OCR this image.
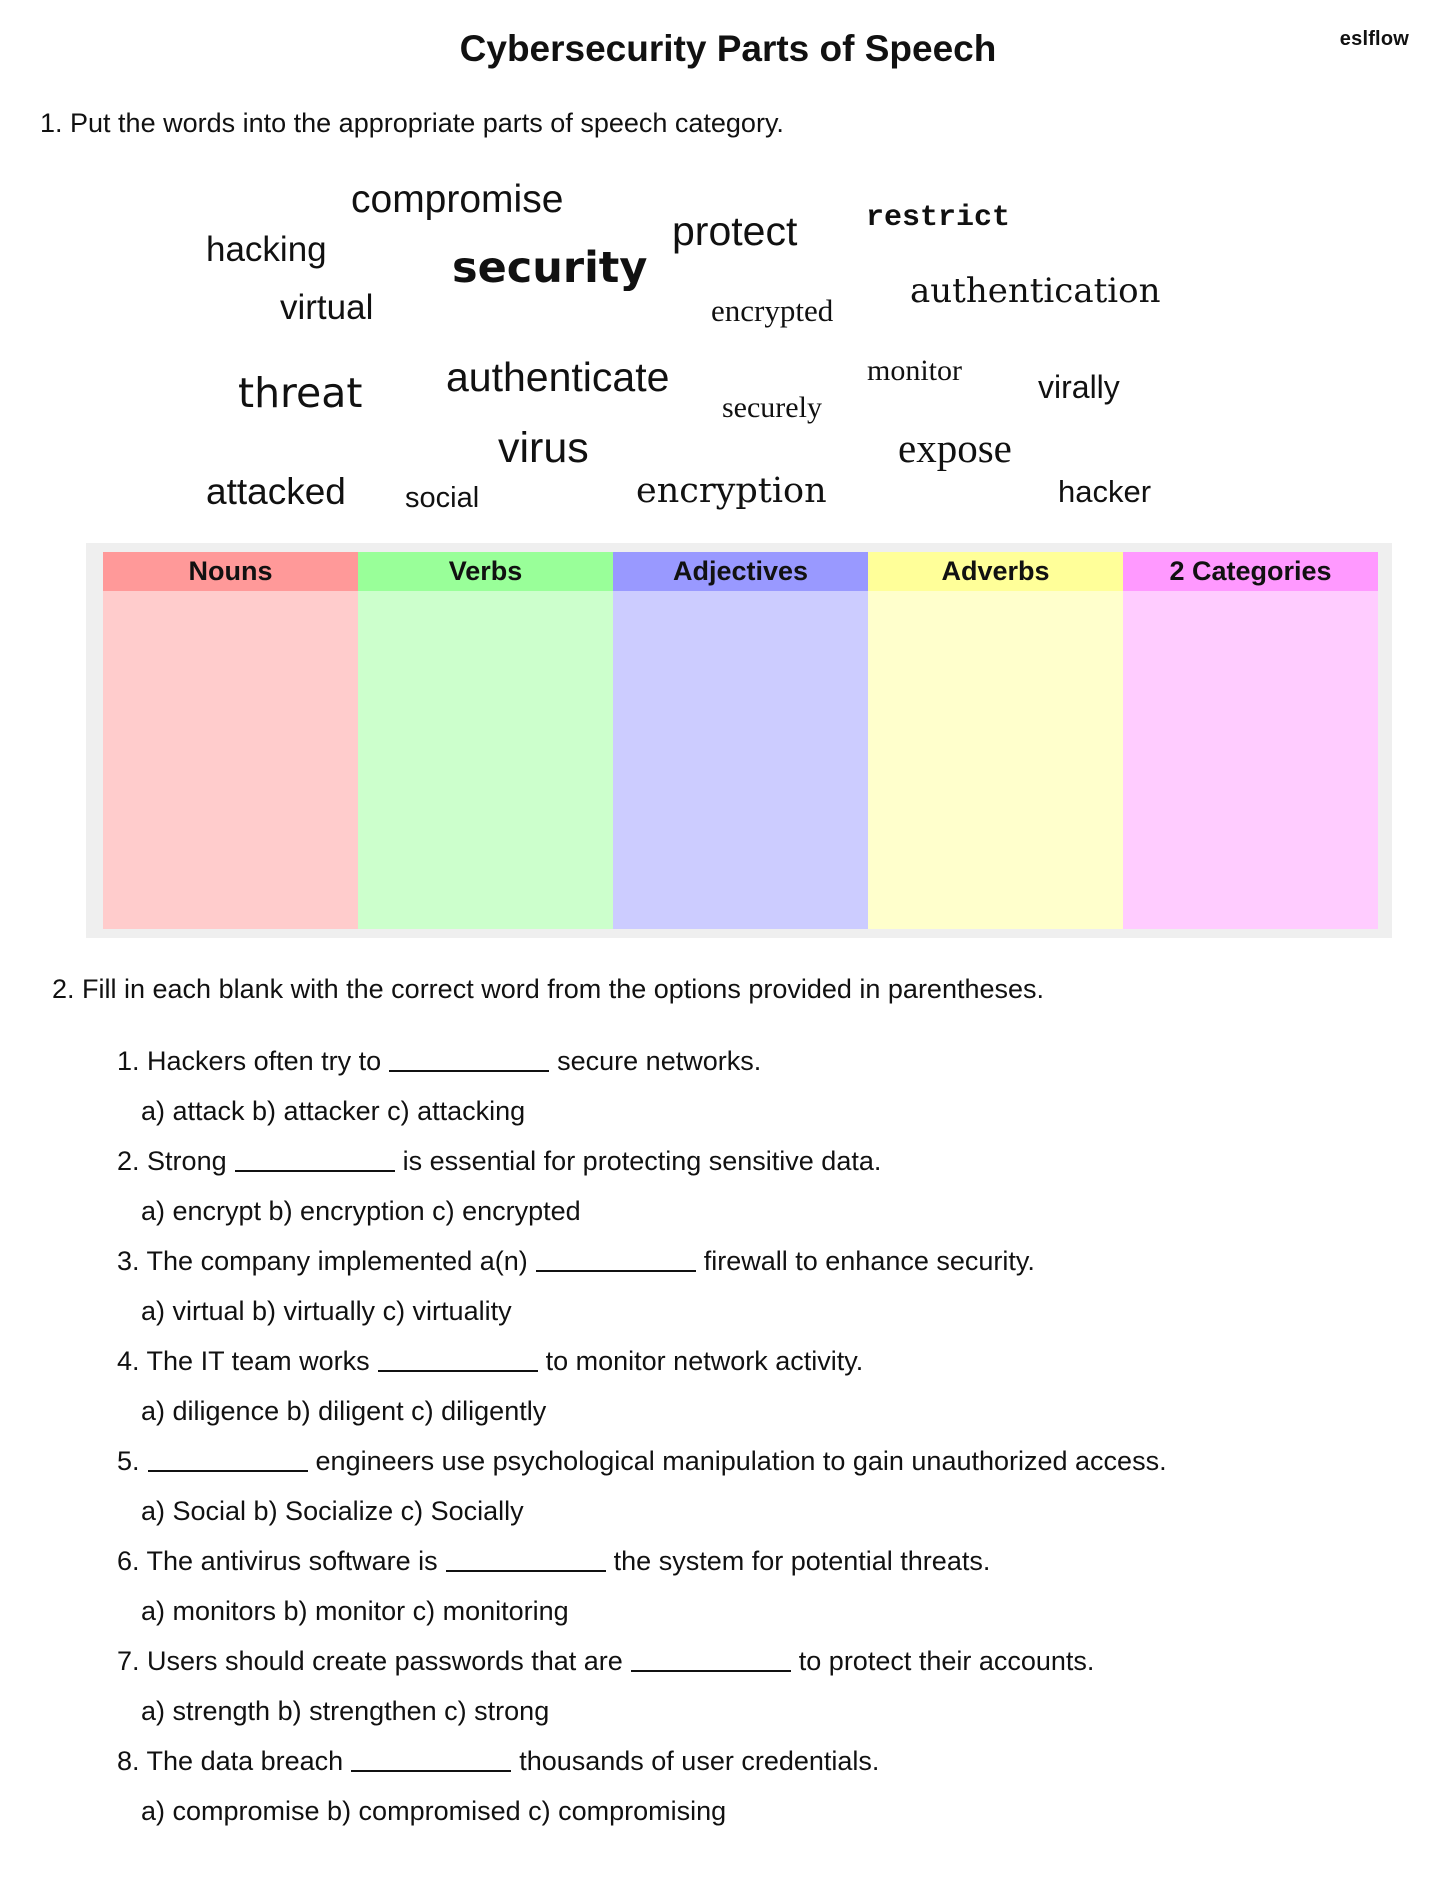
eslflow
Cybersecurity Parts of Speech

1. Put the words into the appropriate parts of speech category.

compromise
hacking	security
protect restrict
virtual	encrypted authentication
threat authenticate	monitor virally
securely
virus	expose
attacked social	encryption	hacker
Nouns	Verbs	Adjectives	Adverbs	2 Categories

2. Fill in each blank with the correct word from the options provided in parentheses.

1. Hackers often try to	secure networks.
a) attack b) attacker c) attacking
2. Strong	is essential for protecting sensitive data.
a) encrypt b) encryption c) encrypted
3. The company implemented a(n)	firewall to enhance security.
a) virtual b) virtually c) virtuality
4. The IT team works	to monitor network activity.
a) diligence b) diligent c) diligently
5.	engineers use psychological manipulation to gain unauthorized access.
a) Social b) Socialize c) Socially
6. The antivirus software is	the system for potential threats.
a) monitors b) monitor c) monitoring
7. Users should create passwords that are	to protect their accounts.
a) strength b) strengthen c) strong
8. The data breach	thousands of user credentials.
a) compromise b) compromised c) compromising
